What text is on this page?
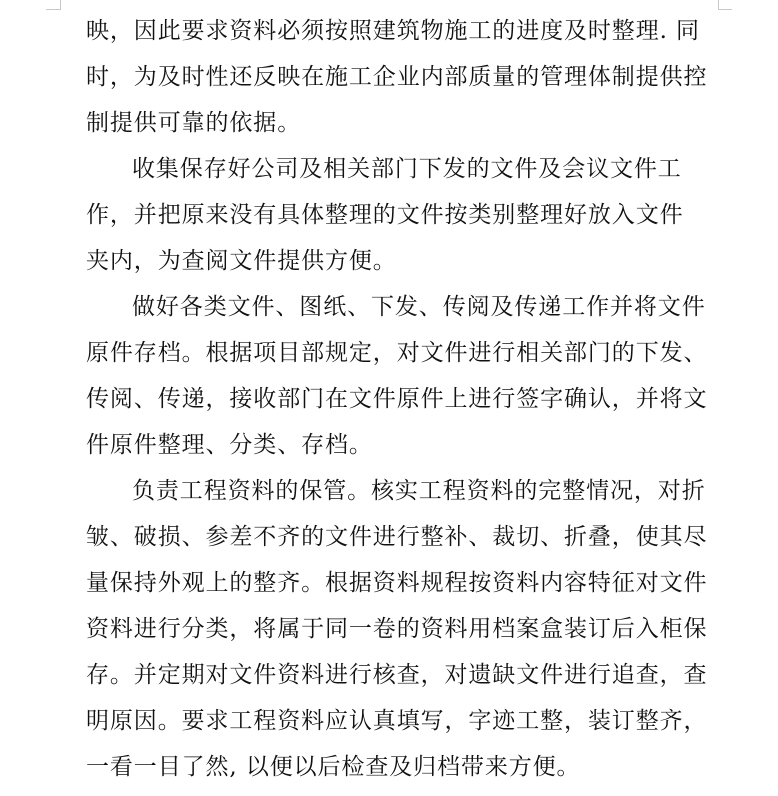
映，因此要求资料必须按照建筑物施工的进度及时整理. 同
时，为及时性还反映在施工企业内部质量的管理体制提供控
制提供可靠的依据。
收集保存好公司及相关部门下发的文件及会议文件工
作，并把原来没有具体整理的文件按类别整理好放入文件
夹内，为查阅文件提供方便。
做好各类文件、图纸、下发、传阅及传递工作并将文件
原件存档。根据项目部规定，对文件进行相关部门的下发、
传阅、传递，接收部门在文件原件上进行签字确认，并将文
件原件整理、分类、存档。
负责工程资料的保管。核实工程资料的完整情况，对折
皱、破损、参差不齐的文件进行整补、裁切、折叠，使其尽
量保持外观上的整齐。根据资料规程按资料内容特征对文件
资料进行分类，将属于同一卷的资料用档案盒装订后入柜保
存。并定期对文件资料进行核查，对遗缺文件进行追查，查
明原因。要求工程资料应认真填写，字迹工整，装订整齐，
一看一目了然, 以便以后检查及归档带来方便。
